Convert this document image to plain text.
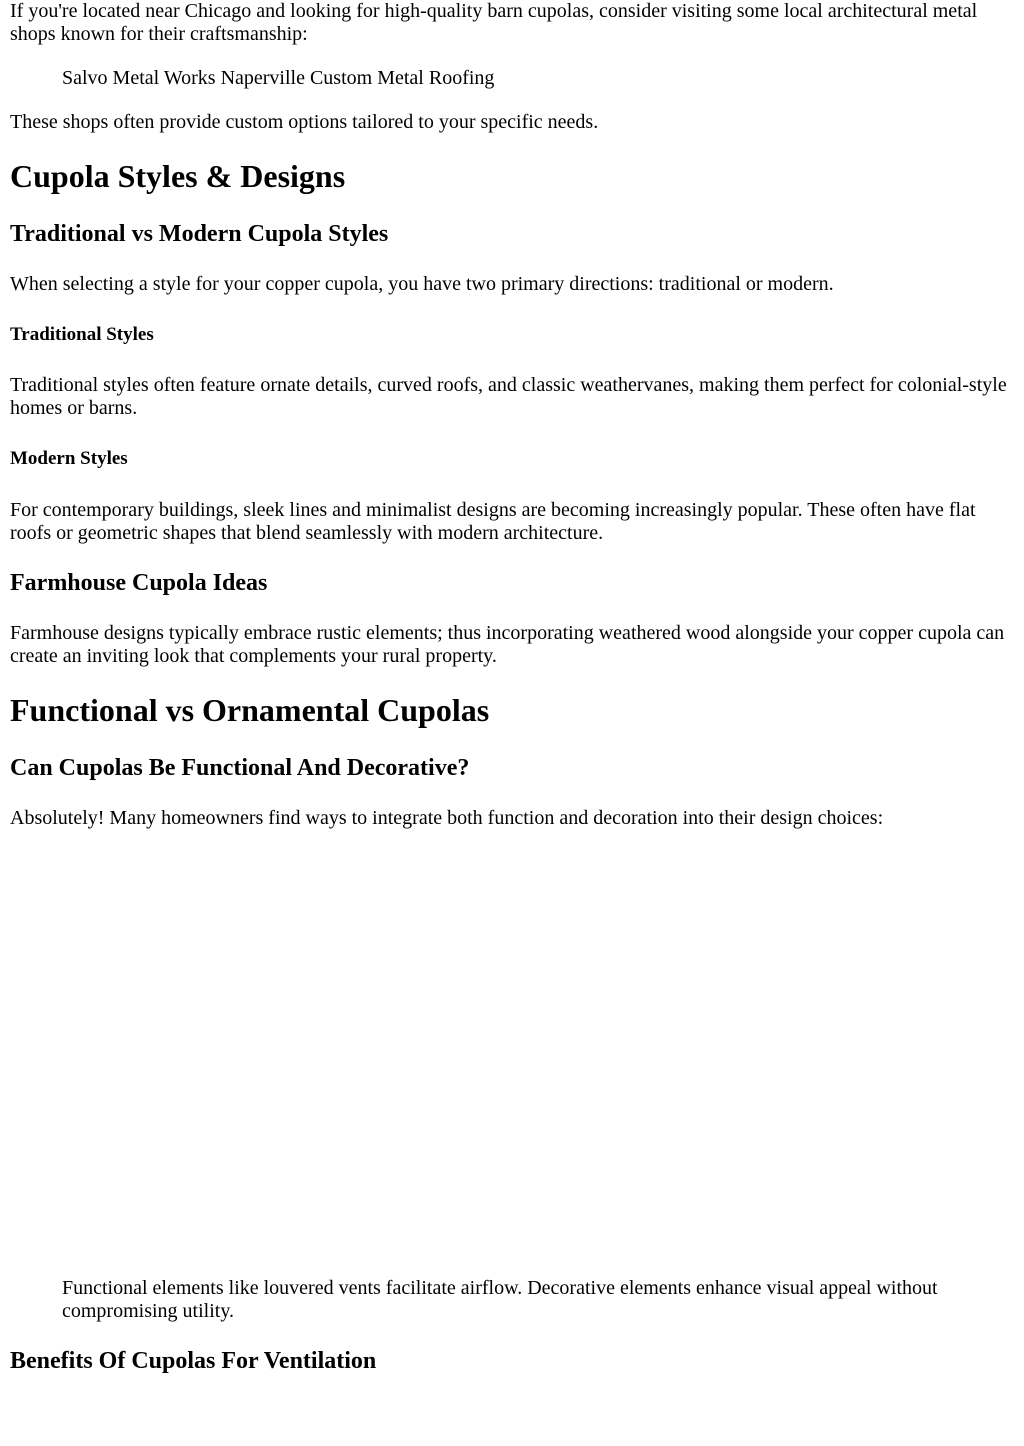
If you're located near Chicago and looking for high-quality barn cupolas, consider visiting some local architectural metal shops known for their craftsmanship:

Salvo Metal Works Naperville Custom Metal Roofing

These shops often provide custom options tailored to your specific needs.

Cupola Styles & Designs
Traditional vs Modern Cupola Styles

When selecting a style for your copper cupola, you have two primary directions: traditional or modern.

Traditional Styles

Traditional styles often feature ornate details, curved roofs, and classic weathervanes, making them perfect for colonial-style homes or barns.

Modern Styles

For contemporary buildings, sleek lines and minimalist designs are becoming increasingly popular. These often have flat roofs or geometric shapes that blend seamlessly with modern architecture.

Farmhouse Cupola Ideas

Farmhouse designs typically embrace rustic elements; thus incorporating weathered wood alongside your copper cupola can create an inviting look that complements your rural property.

Functional vs Ornamental Cupolas
Can Cupolas Be Functional And Decorative?

Absolutely! Many homeowners find ways to integrate both function and decoration into their design choices:

Functional elements like louvered vents facilitate airflow. Decorative elements enhance visual appeal without compromising utility.

Benefits Of Cupolas For Ventilation
